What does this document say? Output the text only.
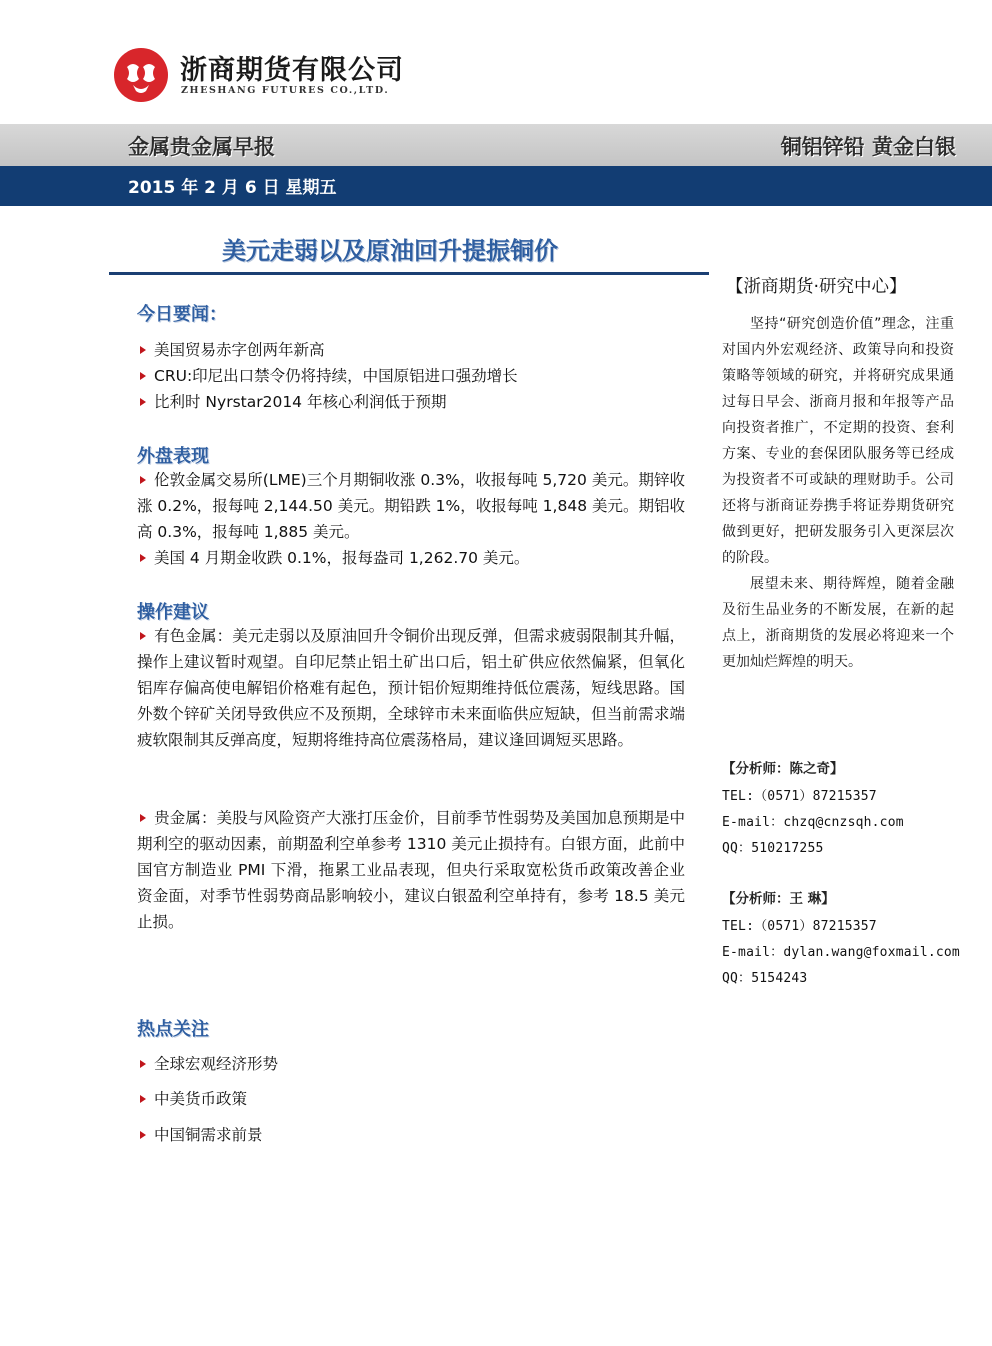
浙商期货有限公司
ZHESHANG FUTURES CO.,LTD.
金属贵金属早报	铜铝锌铅 黄金白银
2015 年 2 月 6 日 星期五
美元走弱以及原油回升提振铜价
今日要闻：
美国贸易赤字创两年新高
CRU:印尼出口禁令仍将持续，中国原铝进口强劲增长
比利时 Nyrstar2014 年核心利润低于预期
外盘表现
伦敦金属交易所(LME)三个月期铜收涨 0.3%，收报每吨 5,720 美元。期锌收涨 0.2%，报每吨 2,144.50 美元。期铅跌 1%，收报每吨 1,848 美元。期铝收高 0.3%，报每吨 1,885 美元。
美国 4 月期金收跌 0.1%，报每盎司 1,262.70 美元。
操作建议
有色金属：美元走弱以及原油回升令铜价出现反弹，但需求疲弱限制其升幅，操作上建议暂时观望。自印尼禁止铝土矿出口后，铝土矿供应依然偏紧，但氧化铝库存偏高使电解铝价格难有起色，预计铝价短期维持低位震荡，短线思路。国外数个锌矿关闭导致供应不及预期，全球锌市未来面临供应短缺，但当前需求端疲软限制其反弹高度，短期将维持高位震荡格局，建议逢回调短买思路。
贵金属：美股与风险资产大涨打压金价，目前季节性弱势及美国加息预期是中期利空的驱动因素，前期盈利空单参考 1310 美元止损持有。白银方面，此前中国官方制造业 PMI 下滑，拖累工业品表现，但央行采取宽松货币政策改善企业资金面，对季节性弱势商品影响较小，建议白银盈利空单持有，参考 18.5 美元止损。
热点关注
全球宏观经济形势
中美货币政策
中国铜需求前景
【浙商期货·研究中心】
坚持“研究创造价值”理念，注重对国内外宏观经济、政策导向和投资策略等领域的研究，并将研究成果通过每日早会、浙商月报和年报等产品向投资者推广，不定期的投资、套利方案、专业的套保团队服务等已经成为投资者不可或缺的理财助手。公司还将与浙商证券携手将证券期货研究做到更好，把研发服务引入更深层次的阶段。
展望未来、期待辉煌，随着金融及衍生品业务的不断发展，在新的起点上，浙商期货的发展必将迎来一个更加灿烂辉煌的明天。
【分析师：陈之奇】
TEL:（0571）87215357
E-mail：chzq@cnzsqh.com
QQ：510217255
【分析师：王 琳】
TEL:（0571）87215357
E-mail：dylan.wang@foxmail.com
QQ：5154243
